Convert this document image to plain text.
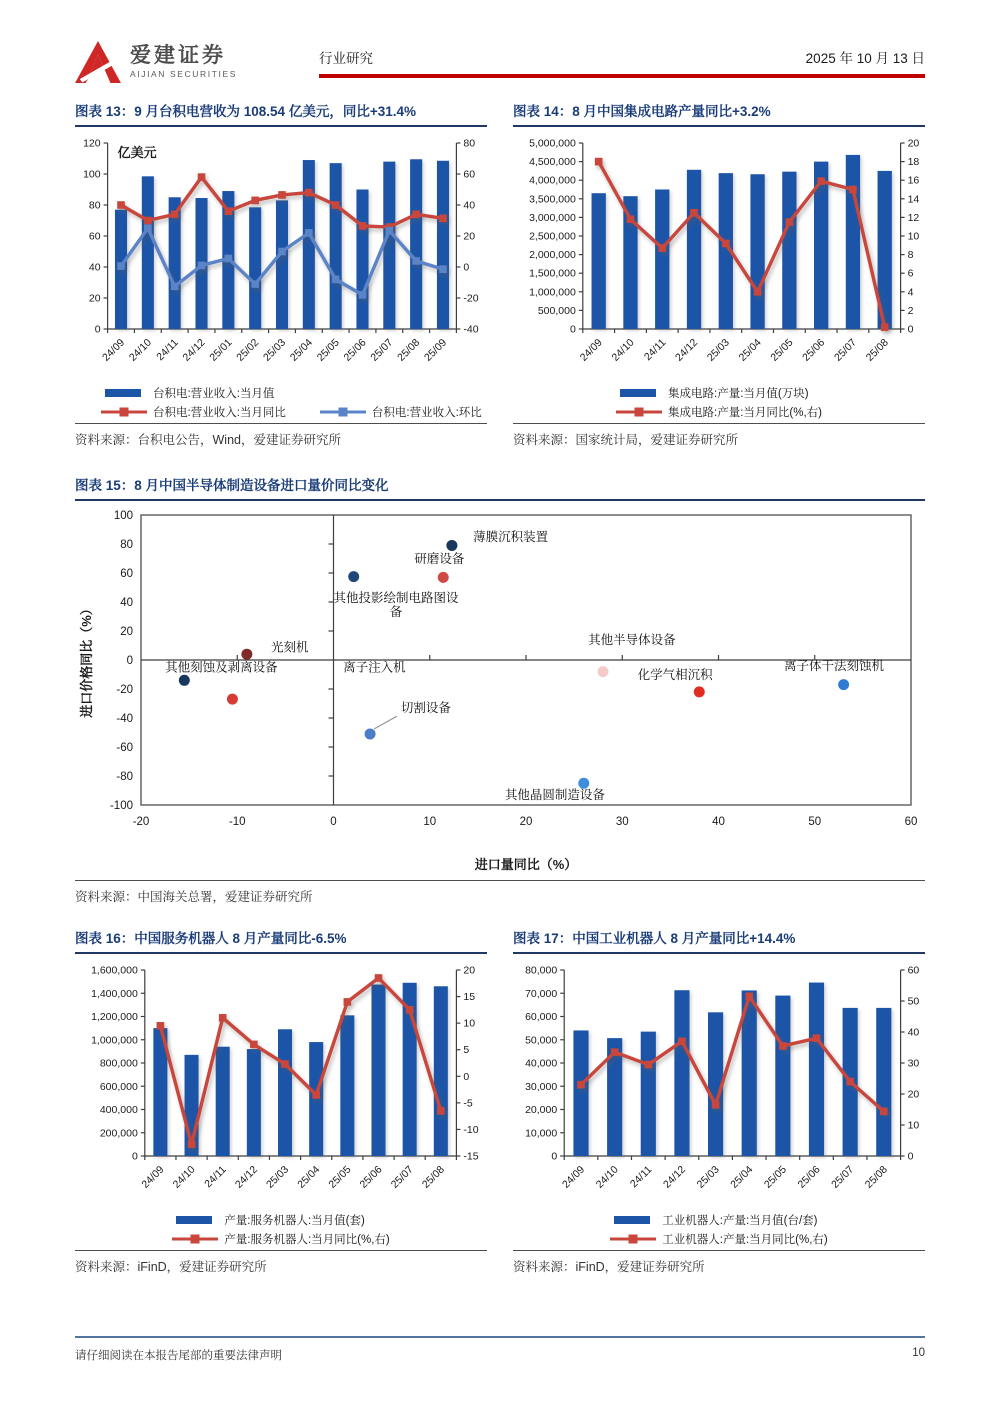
爱建证券
AIJIAN SECURITIES
行业研究	2025 年 10 月 13 日
图表 13：9 月台积电营收为 108.54 亿美元，同比+31.4%
0
20
40
60
80
100
120
-40
-20
0
20
40
60
80
24/09 24/10 24/11 24/12 25/01 25/02 25/03 25/04 25/05 25/06 25/07 25/08 25/09
亿美元
台积电:营业收入:当月值
台积电:营业收入:当月同比	台积电:营业收入:环比
资料来源：台积电公告，Wind，爱建证券研究所
图表 14：8 月中国集成电路产量同比+3.2%
0
500,000
1,000,000
1,500,000
2,000,000
2,500,000
3,000,000
3,500,000
4,000,000
4,500,000
5,000,000
0
2
4
6
8
10
12
14
16
18
20
24/09 24/10 24/11 24/12 25/03 25/04 25/05 25/06 25/07 25/08
集成电路:产量:当月值(万块)
集成电路:产量:当月同比(%,右)
资料来源：国家统计局，爱建证券研究所
图表 15：8 月中国半导体制造设备进口量价同比变化
-100
-80
-60
-40
-20
0
20
40
60
80
100
-20	-10	0	10	20	30	40	50	60
进口量同比（%）
进口价格同比（%）
薄膜沉积装置
研磨设备
其他投影绘制电路图设备
光刻机
其他刻蚀及剥离设备	离子注入机
切割设备
其他晶圆制造设备
其他半导体设备
化学气相沉积
离子体干法刻蚀机
资料来源：中国海关总署，爱建证券研究所
图表 16：中国服务机器人 8 月产量同比-6.5%
0
200,000
400,000
600,000
800,000
1,000,000
1,200,000
1,400,000
1,600,000
-15
-10
-5
0
5
10
15
20
24/09 24/10 24/11 24/12 25/03 25/04 25/05 25/06 25/07 25/08
产量:服务机器人:当月值(套)
产量:服务机器人:当月同比(%,右)
资料来源：iFinD，爱建证券研究所
图表 17：中国工业机器人 8 月产量同比+14.4%
0
10,000
20,000
30,000
40,000
50,000
60,000
70,000
80,000
0
10
20
30
40
50
60
24/09 24/10 24/11 24/12 25/03 25/04 25/05 25/06 25/07 25/08
工业机器人:产量:当月值(台/套)
工业机器人:产量:当月同比(%,右)
资料来源：iFinD，爱建证券研究所
请仔细阅读在本报告尾部的重要法律声明	10
